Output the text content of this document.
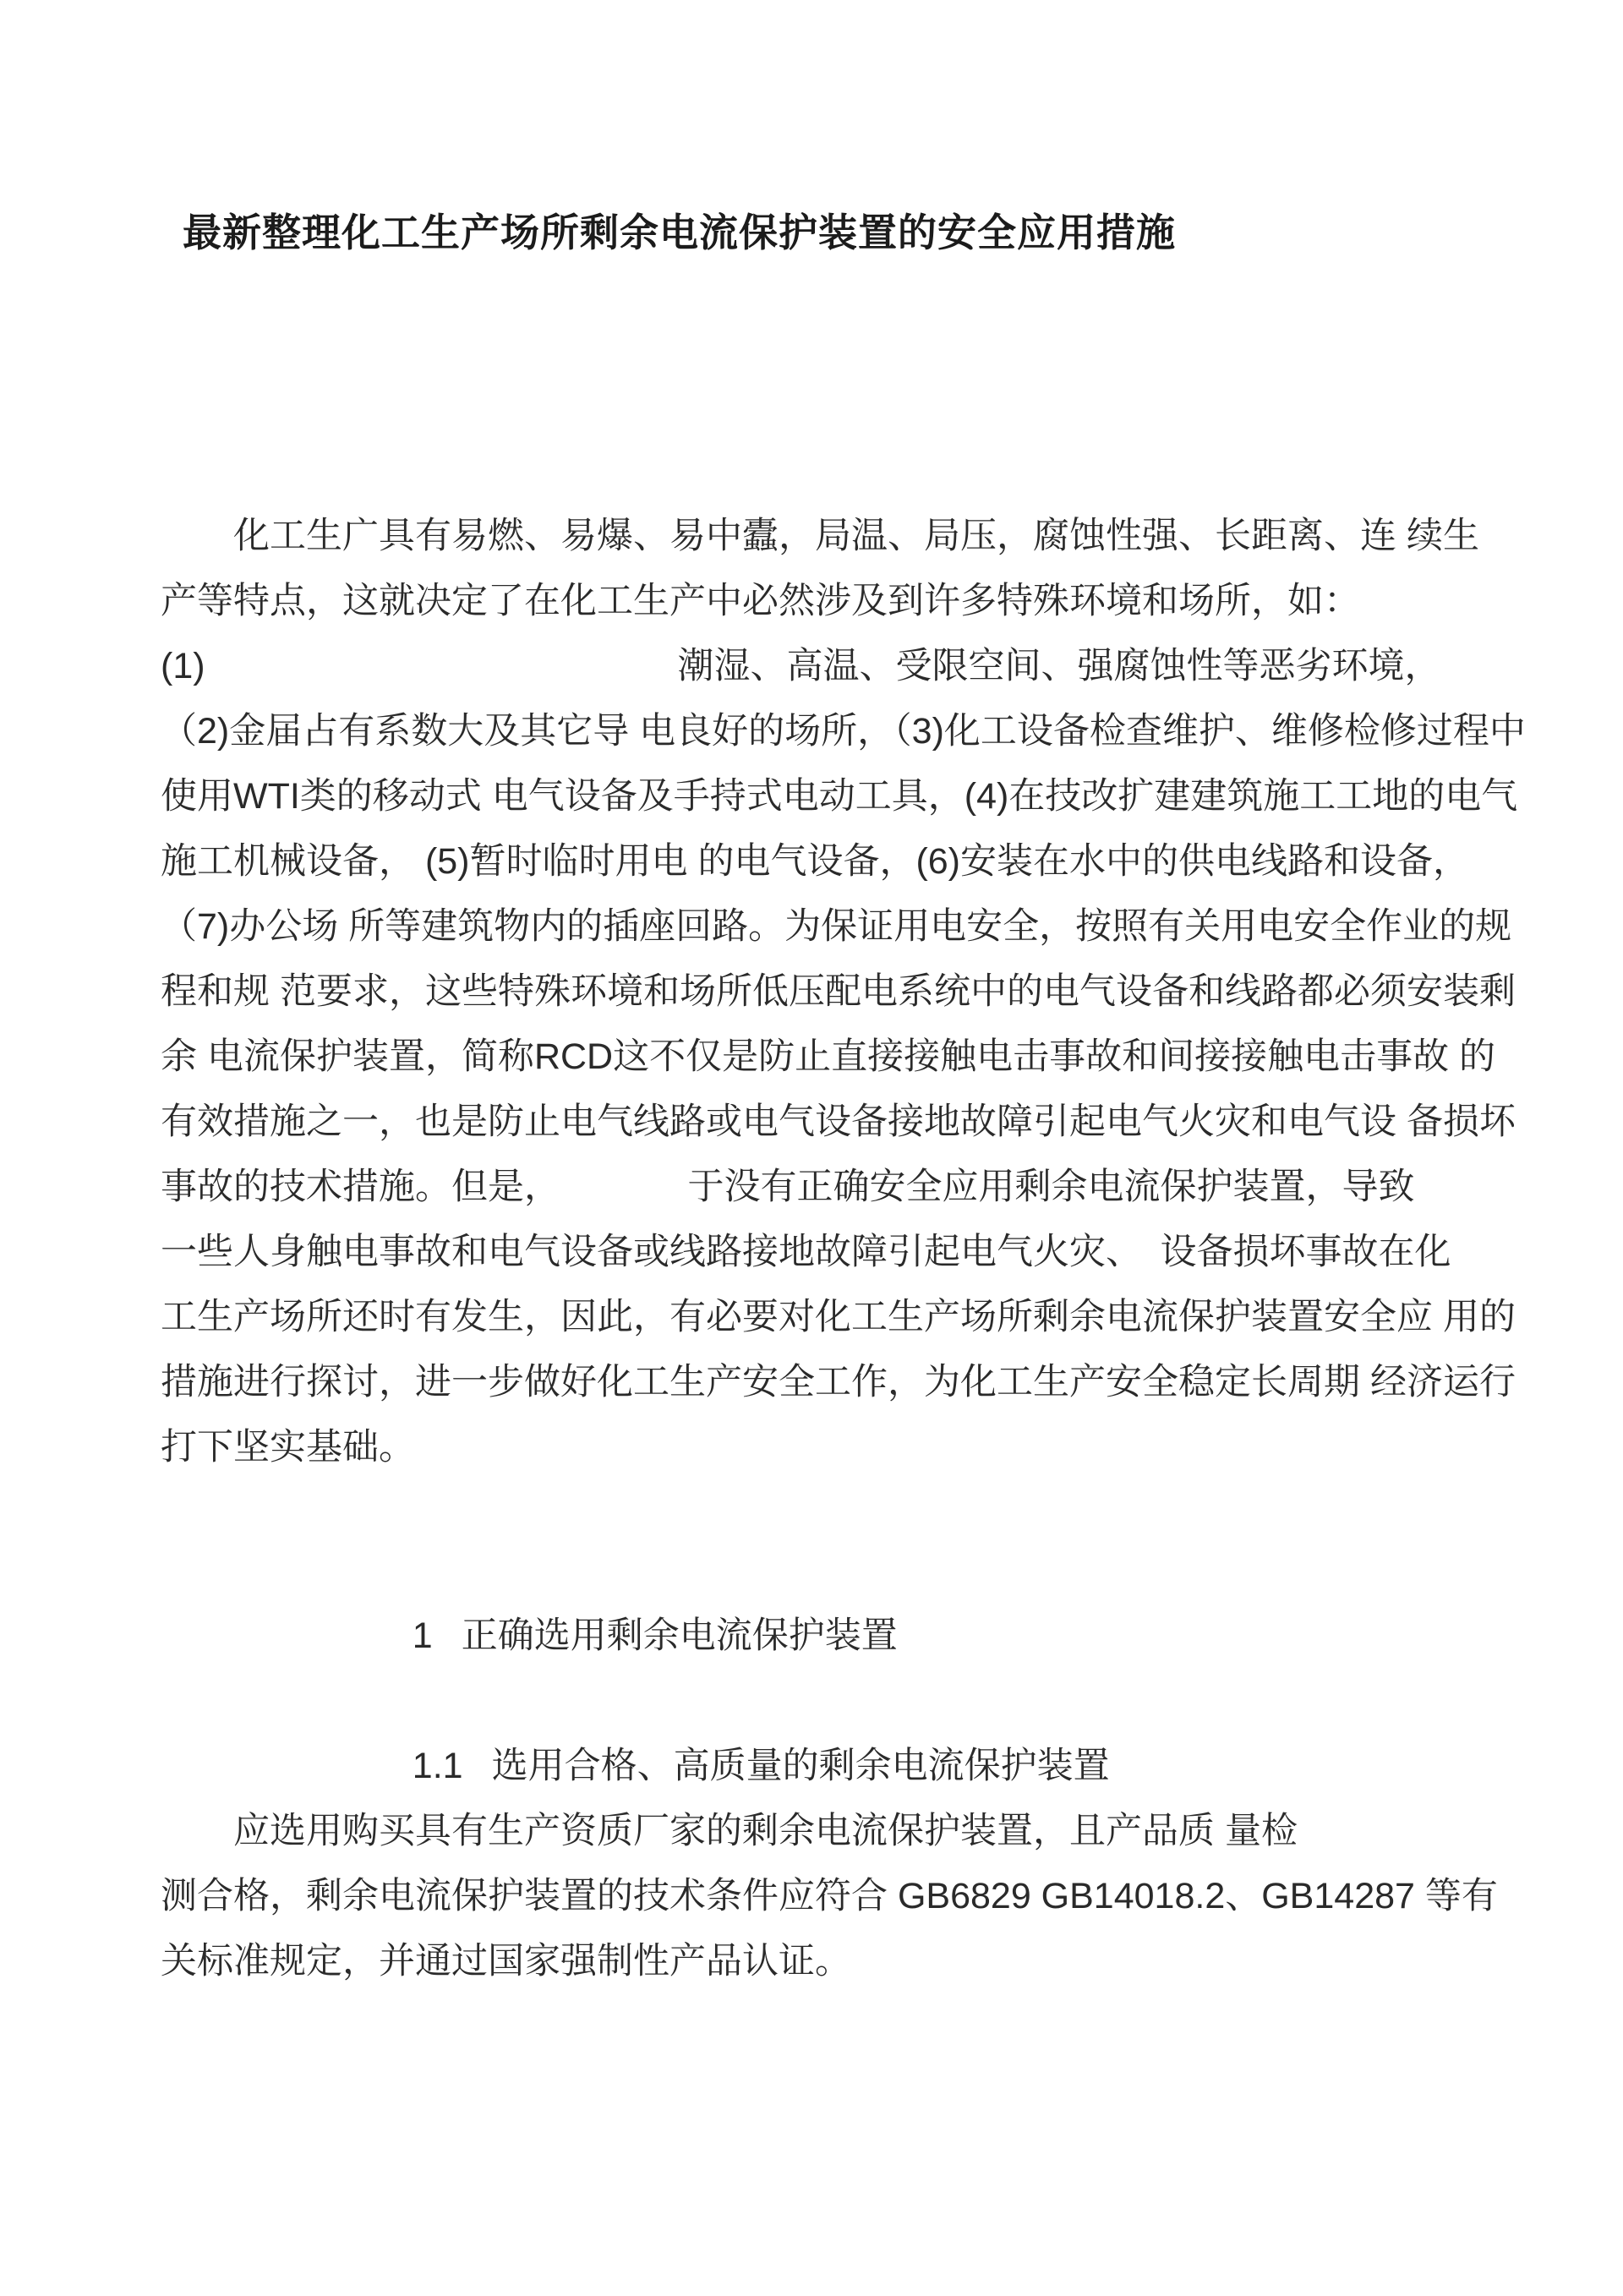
最新整理化工生产场所剩余电流保护装置的安全应用措施
　　化工生广具有易燃、易爆、易中蠹，局温、局压，腐蚀性强、长距离、连 续生
产等特点，这就决定了在化工生产中必然涉及到许多特殊环境和场所，如：
(1)　　　　　　　　　　　　　潮湿、高温、受限空间、强腐蚀性等恶劣环境，
（2)金届占有系数大及其它导 电良好的场所，（3)化工设备检查维护、维修检修过程中
使用WTI类的移动式 电气设备及手持式电动工具，(4)在技改扩建建筑施工工地的电气
施工机械设备， (5)暂时临时用电 的电气设备，(6)安装在水中的供电线路和设备，
（7)办公场 所等建筑物内的插座回路。为保证用电安全，按照有关用电安全作业的规
程和规 范要求，这些特殊环境和场所低压配电系统中的电气设备和线路都必须安装剩
余 电流保护装置，简称RCD这不仅是防止直接接触电击事故和间接接触电击事故 的
有效措施之一，也是防止电气线路或电气设备接地故障引起电气火灾和电气设 备损坏
事故的技术措施。但是，　　　　于没有正确安全应用剩余电流保护装置，导致
一些人身触电事故和电气设备或线路接地故障引起电气火灾、　设备损坏事故在化
工生产场所还时有发生，因此，有必要对化工生产场所剩余电流保护装置安全应 用的
措施进行探讨，进一步做好化工生产安全工作，为化工生产安全稳定长周期 经济运行
打下坚实基础。

1 正确选用剩余电流保护装置

1.1 选用合格、高质量的剩余电流保护装置

　　应选用购买具有生产资质厂家的剩余电流保护装置，且产品质 量检
测合格，剩余电流保护装置的技术条件应符合 GB6829 GB14018.2、GB14287 等有
关标准规定，并通过国家强制性产品认证。
